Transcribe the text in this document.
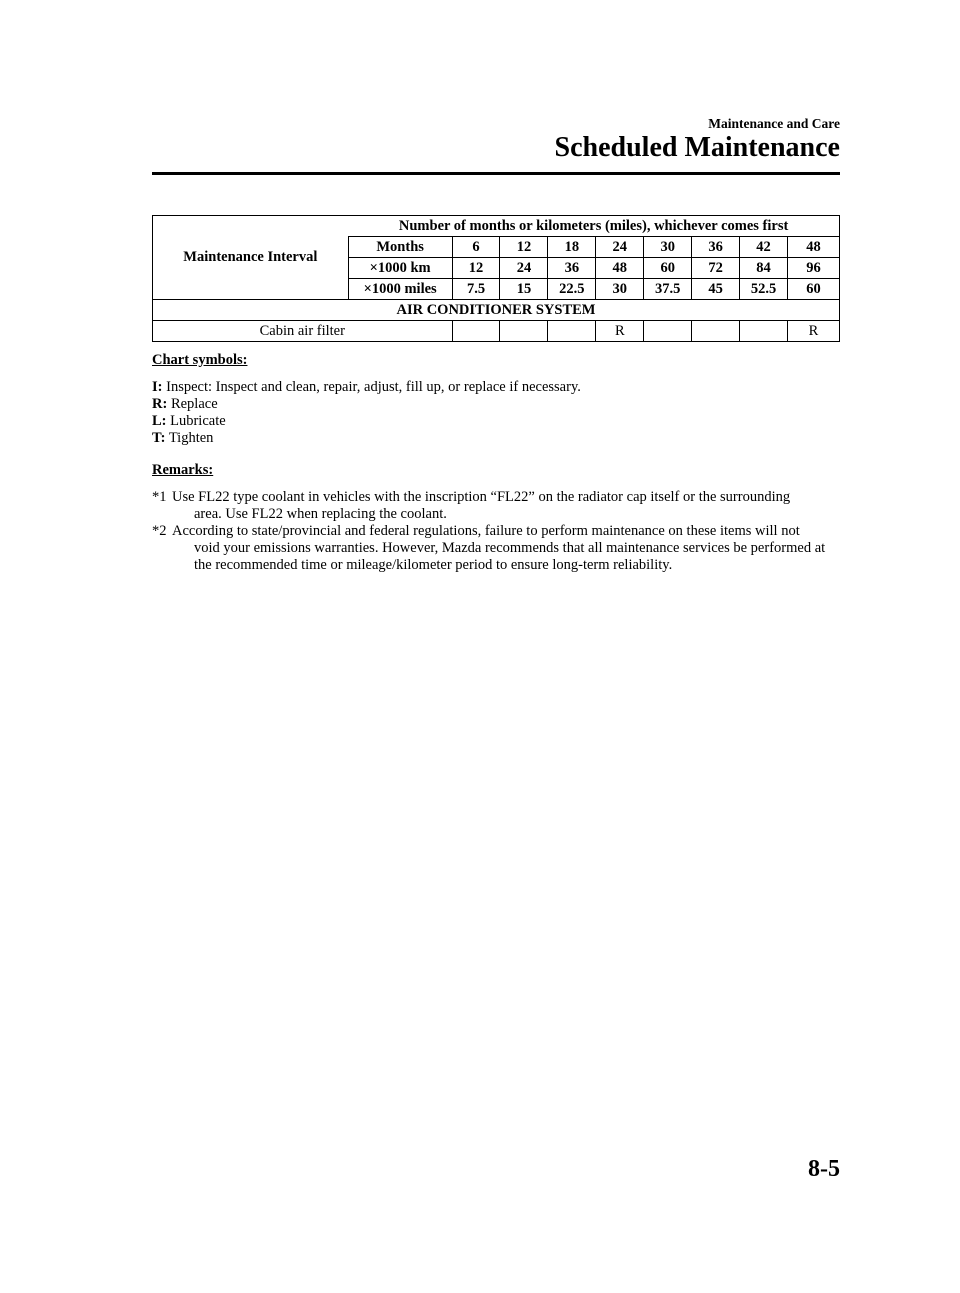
Maintenance and Care
Scheduled Maintenance
Maintenance Interval	Number of months or kilometers (miles), whichever comes first								
	Months	6	12	18	24	30	36	42	48
	×1000 km	12	24	36	48	60	72	84	96
	×1000 miles	7.5	15	22.5	30	37.5	45	52.5	60
AIR CONDITIONER SYSTEM									
Cabin air filter					R				R
Chart symbols:

I: Inspect: Inspect and clean, repair, adjust, fill up, or replace if necessary.

R: Replace

L: Lubricate

T: Tighten

Remarks:
*1 Use FL22 type coolant in vehicles with the inscription “FL22” on the radiator cap itself or the surrounding
area. Use FL22 when replacing the coolant.
*2 According to state/provincial and federal regulations, failure to perform maintenance on these items will not
void your emissions warranties. However, Mazda recommends that all maintenance services be performed at the recommended time or mileage/kilometer period to ensure long-term reliability.
8-5
